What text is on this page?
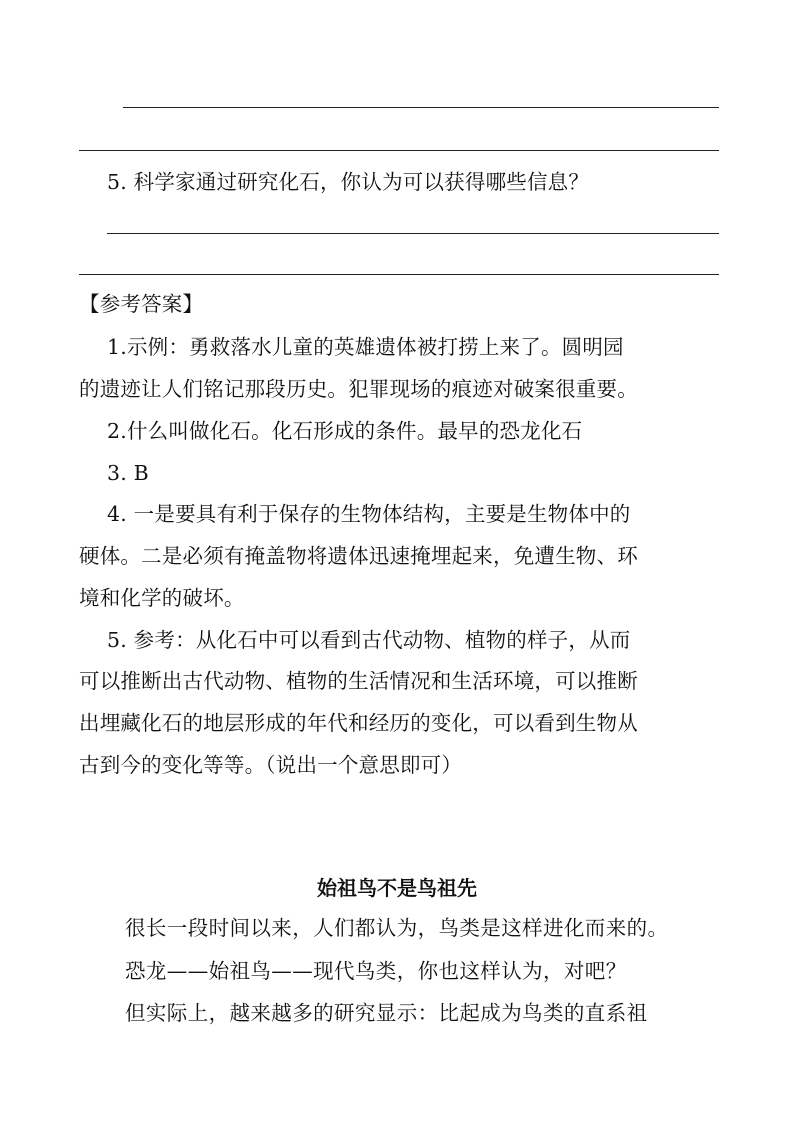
5. 科学家通过研究化石，你认为可以获得哪些信息？
【参考答案】
1.示例：勇救落水儿童的英雄遗体被打捞上来了。圆明园
的遗迹让人们铭记那段历史。犯罪现场的痕迹对破案很重要。
2.什么叫做化石。化石形成的条件。最早的恐龙化石
3. B
4. 一是要具有利于保存的生物体结构，主要是生物体中的
硬体。二是必须有掩盖物将遗体迅速掩埋起来，免遭生物、环
境和化学的破坏。
5. 参考：从化石中可以看到古代动物、植物的样子，从而
可以推断出古代动物、植物的生活情况和生活环境，可以推断
出埋藏化石的地层形成的年代和经历的变化，可以看到生物从
古到今的变化等等。（说出一个意思即可）
始祖鸟不是鸟祖先
很长一段时间以来，人们都认为，鸟类是这样进化而来的。
恐龙——始祖鸟——现代鸟类，你也这样认为，对吧？
但实际上，越来越多的研究显示：比起成为鸟类的直系祖
